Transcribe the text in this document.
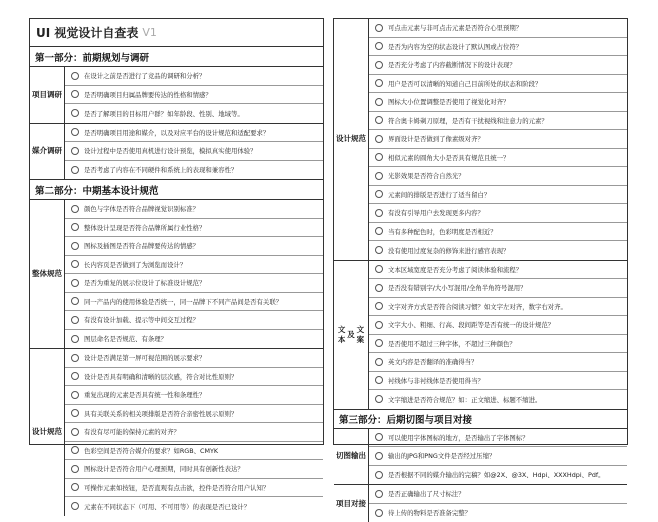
UI 视觉设计自查表 V1
第一部分：前期规划与调研
项目 调研
在设计之前是否进行了竞品的调研和分析？
是否明确项目归属品牌要传达的性格和情感？
是否了解项目的目标用户群？如年龄段、性别、地域等。
媒介 调研
是否明确项目用途和媒介，以及对应平台的设计规范和适配要求？
设计过程中是否使用真机进行设计预览，模拟真实使用体验？
是否考虑了内容在不同硬件和系统上的表现和兼容性？
第二部分：中期基本设计规范
整体 规范
颜色与字体是否符合品牌视觉识别标准？
整体设计呈现是否符合品牌所属行业性格？
图标及插图是否符合品牌要传达的情感？
长内容页是否做到了为浏览而设计？
是否为重复的展示位设计了标准设计规范？
同一产品内的使用体验是否统一，同一品牌下不同产品间是否有关联？
有没有设计加载、提示等中间交互过程？
图层命名是否规范、有条理？
设计 规范
设计是否满足第一屏可视范围的展示要求？
设计是否具有明确和清晰的层次感，符合对比性原则？
重复出现的元素是否具有统一性和条理性？
具有关联关系的相关项排版是否符合亲密性展示原则？
有没有尽可能的保持元素的对齐？
色彩空间是否符合媒介的要求？如RGB、CMYK
图标设计是否符合用户心理预期，同时具有创新性表达？
可操作元素如按钮，是否直观有点击欲，控件是否符合用户认知？
元素在不同状态下（可用、不可用等）的表现是否已设计？
设计 规范
可点击元素与非可点击元素是否符合心里预期？
是否为内容为空的状态设计了默认图或占位符？
是否充分考虑了内容截断情况下的设计表现？
用户是否可以清晰的知道自己目前所处的状态和阶段？
图标大小位置调整是否使用了视觉化对齐？
符合奥卡姆剃刀原理，是否有干扰视线和注意力的元素？
界面设计是否做到了像素级对齐？
相似元素的圆角大小是否具有规范且统一？
光影效果是否符合自然光？
元素间的排版是否进行了适当留白？
有没有引导用户去发现更多内容？
当有多种配色时，色彩明度是否相近？
没有使用过度复杂的修饰来进行感官表现？
文本
及
文案
文本区域宽度是否充分考虑了阅读体验和流程？
是否没有错别字/大小写混用/全角半角符号混用？
文字对齐方式是否符合阅读习惯？如文字左对齐，数字右对齐。
文字大小、粗细、行高、段间距等是否有统一的设计规范？
是否使用不超过三种字体，不超过三种颜色？
英文内容是否翻译的准确得当？
衬线体与非衬线体是否使用得当？
文字缩进是否符合规范？如：正文缩进、标题不缩进。
第三部分：后期切图与项目对接
切图 输出
可以使用字体图标的地方，是否输出了字体图标？
输出的JPG和PNG文件是否经过压缩？
是否根据不同的媒介输出的完稿？如@2X、@3X、Hdpi、XXXHdpi、Pdf。
项目 对接
是否正确输出了尺寸标注？
待上传的物料是否准备完整？
